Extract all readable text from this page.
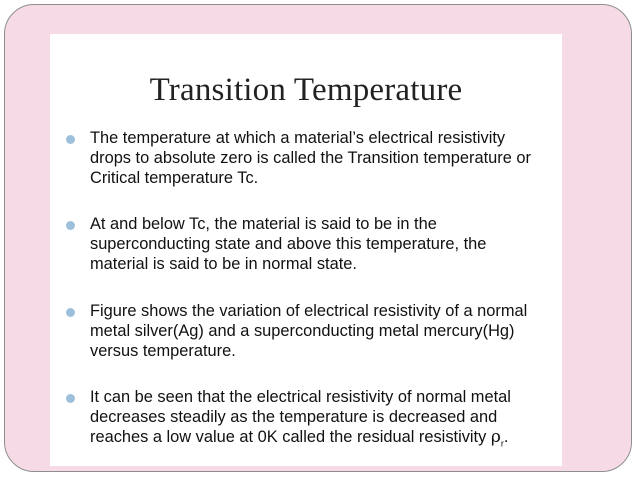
Transition Temperature
The temperature at which a material’s electrical resistivity
drops to absolute zero is called the Transition temperature or
Critical temperature Tc.
At and below Tc, the material is said to be in the
superconducting state and above this temperature, the
material is said to be in normal state.
Figure shows the variation of electrical resistivity of a normal
metal silver(Ag) and a superconducting metal mercury(Hg)
versus temperature.
It can be seen that the electrical resistivity of normal metal
decreases steadily as the temperature is decreased and
reaches a low value at 0K called the residual resistivity $\rho_r$.
